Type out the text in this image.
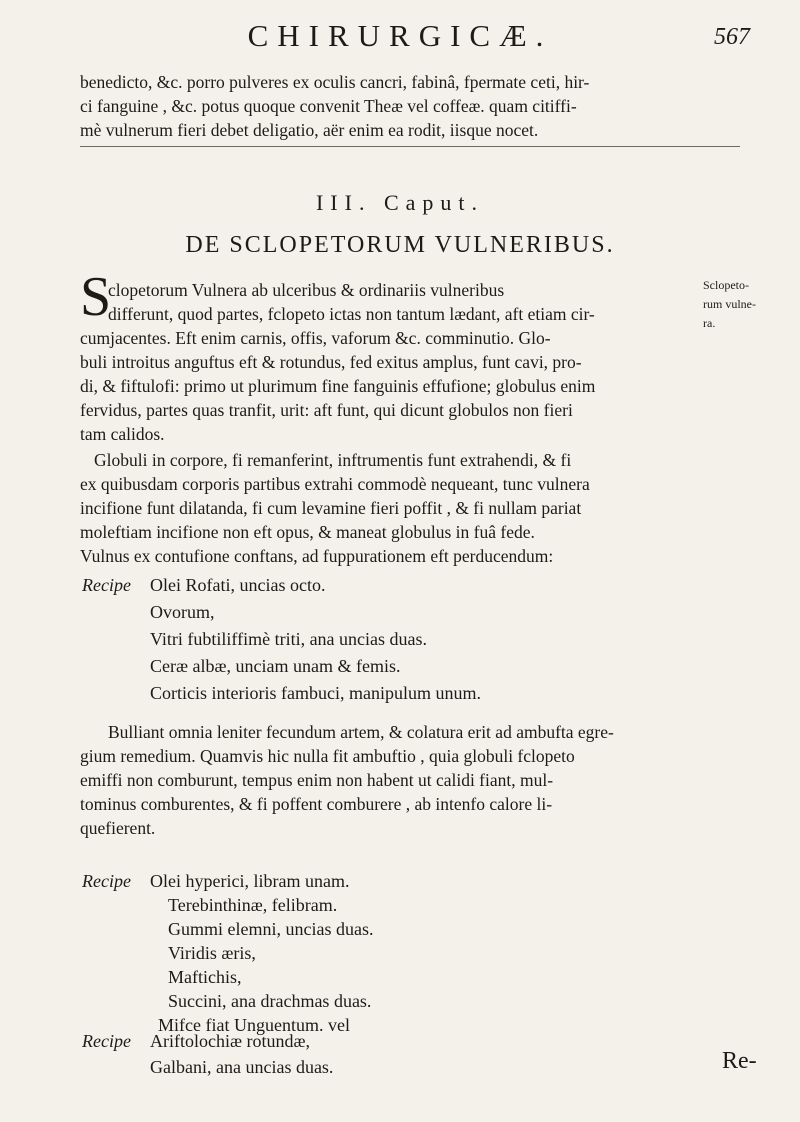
CHIRURGICÆ.	567
benedicto, &c. porro pulveres ex oculis cancri, fabinâ, fpermate ceti, hir-
ci fanguine , &c. potus quoque convenit Theæ vel coffeæ. quam citiffi-
mè vulnerum fieri debet deligatio, aër enim ea rodit, iisque nocet.
III. Caput.
DE SCLOPETORUM VULNERIBUS.
Sclopeto-
rum vulne-
ra.
S
clopetorum Vulnera ab ulceribus & ordinariis vulneribus
differunt, quod partes, fclopeto ictas non tantum lædant, aft etiam cir-
cumjacentes. Eft enim carnis, offis, vaforum &c. comminutio. Glo-
buli introitus anguftus eft & rotundus, fed exitus amplus, funt cavi, pro-
di, & fiftulofi: primo ut plurimum fine fanguinis effufione; globulus enim
fervidus, partes quas tranfit, urit: aft funt, qui dicunt globulos non fieri
tam calidos.
Globuli in corpore, fi remanferint, inftrumentis funt extrahendi, & fi
ex quibusdam corporis partibus extrahi commodè nequeant, tunc vulnera
incifione funt dilatanda, fi cum levamine fieri poffit , & fi nullam pariat
moleftiam incifione non eft opus, & maneat globulus in fuâ fede.
Vulnus ex contufione conftans, ad fuppurationem eft perducendum:
Recipe Olei Rofati, uncias octo.
Ovorum,
Vitri fubtiliffimè triti, ana uncias duas.
Ceræ albæ, unciam unam & femis.
Corticis interioris fambuci, manipulum unum.
Bulliant omnia leniter fecundum artem, & colatura erit ad ambufta egre-
gium remedium. Quamvis hic nulla fit ambuftio , quia globuli fclopeto
emiffi non comburunt, tempus enim non habent ut calidi fiant, mul-
tominus comburentes, & fi poffent comburere , ab intenfo calore li-
quefierent.
Recipe Olei hyperici, libram unam.
Terebinthinæ, felibram.
Gummi elemni, uncias duas.
Viridis æris,
Maftichis,
Succini, ana drachmas duas.
Mifce fiat Unguentum. vel
Recipe Ariftolochiæ rotundæ,
Galbani, ana uncias duas.	Re-
